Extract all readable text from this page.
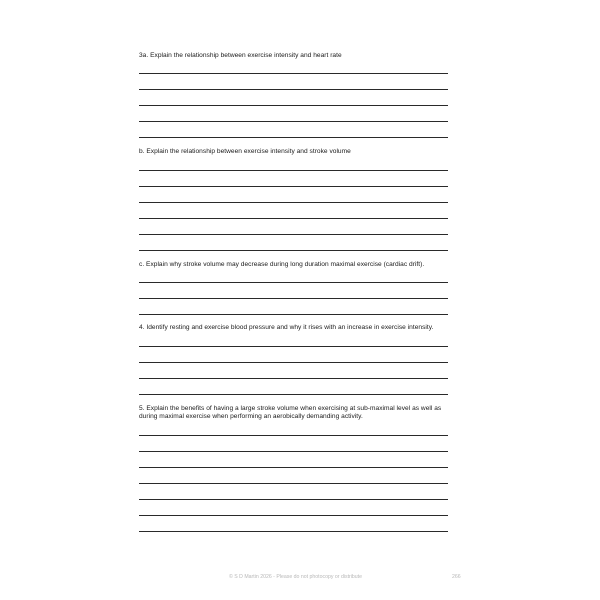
3a. Explain the relationship between exercise intensity and heart rate
b. Explain the relationship between exercise intensity and stroke volume
c. Explain why stroke volume may decrease during long duration maximal exercise (cardiac drift).
4. Identify resting and exercise blood pressure and why it rises with an increase in exercise intensity.
5. Explain the benefits of having a large stroke volume when exercising at sub-maximal level as well as during maximal exercise when performing an aerobically demanding activity.
© S D Martin 2026 - Please do not photocopy or distribute	266
